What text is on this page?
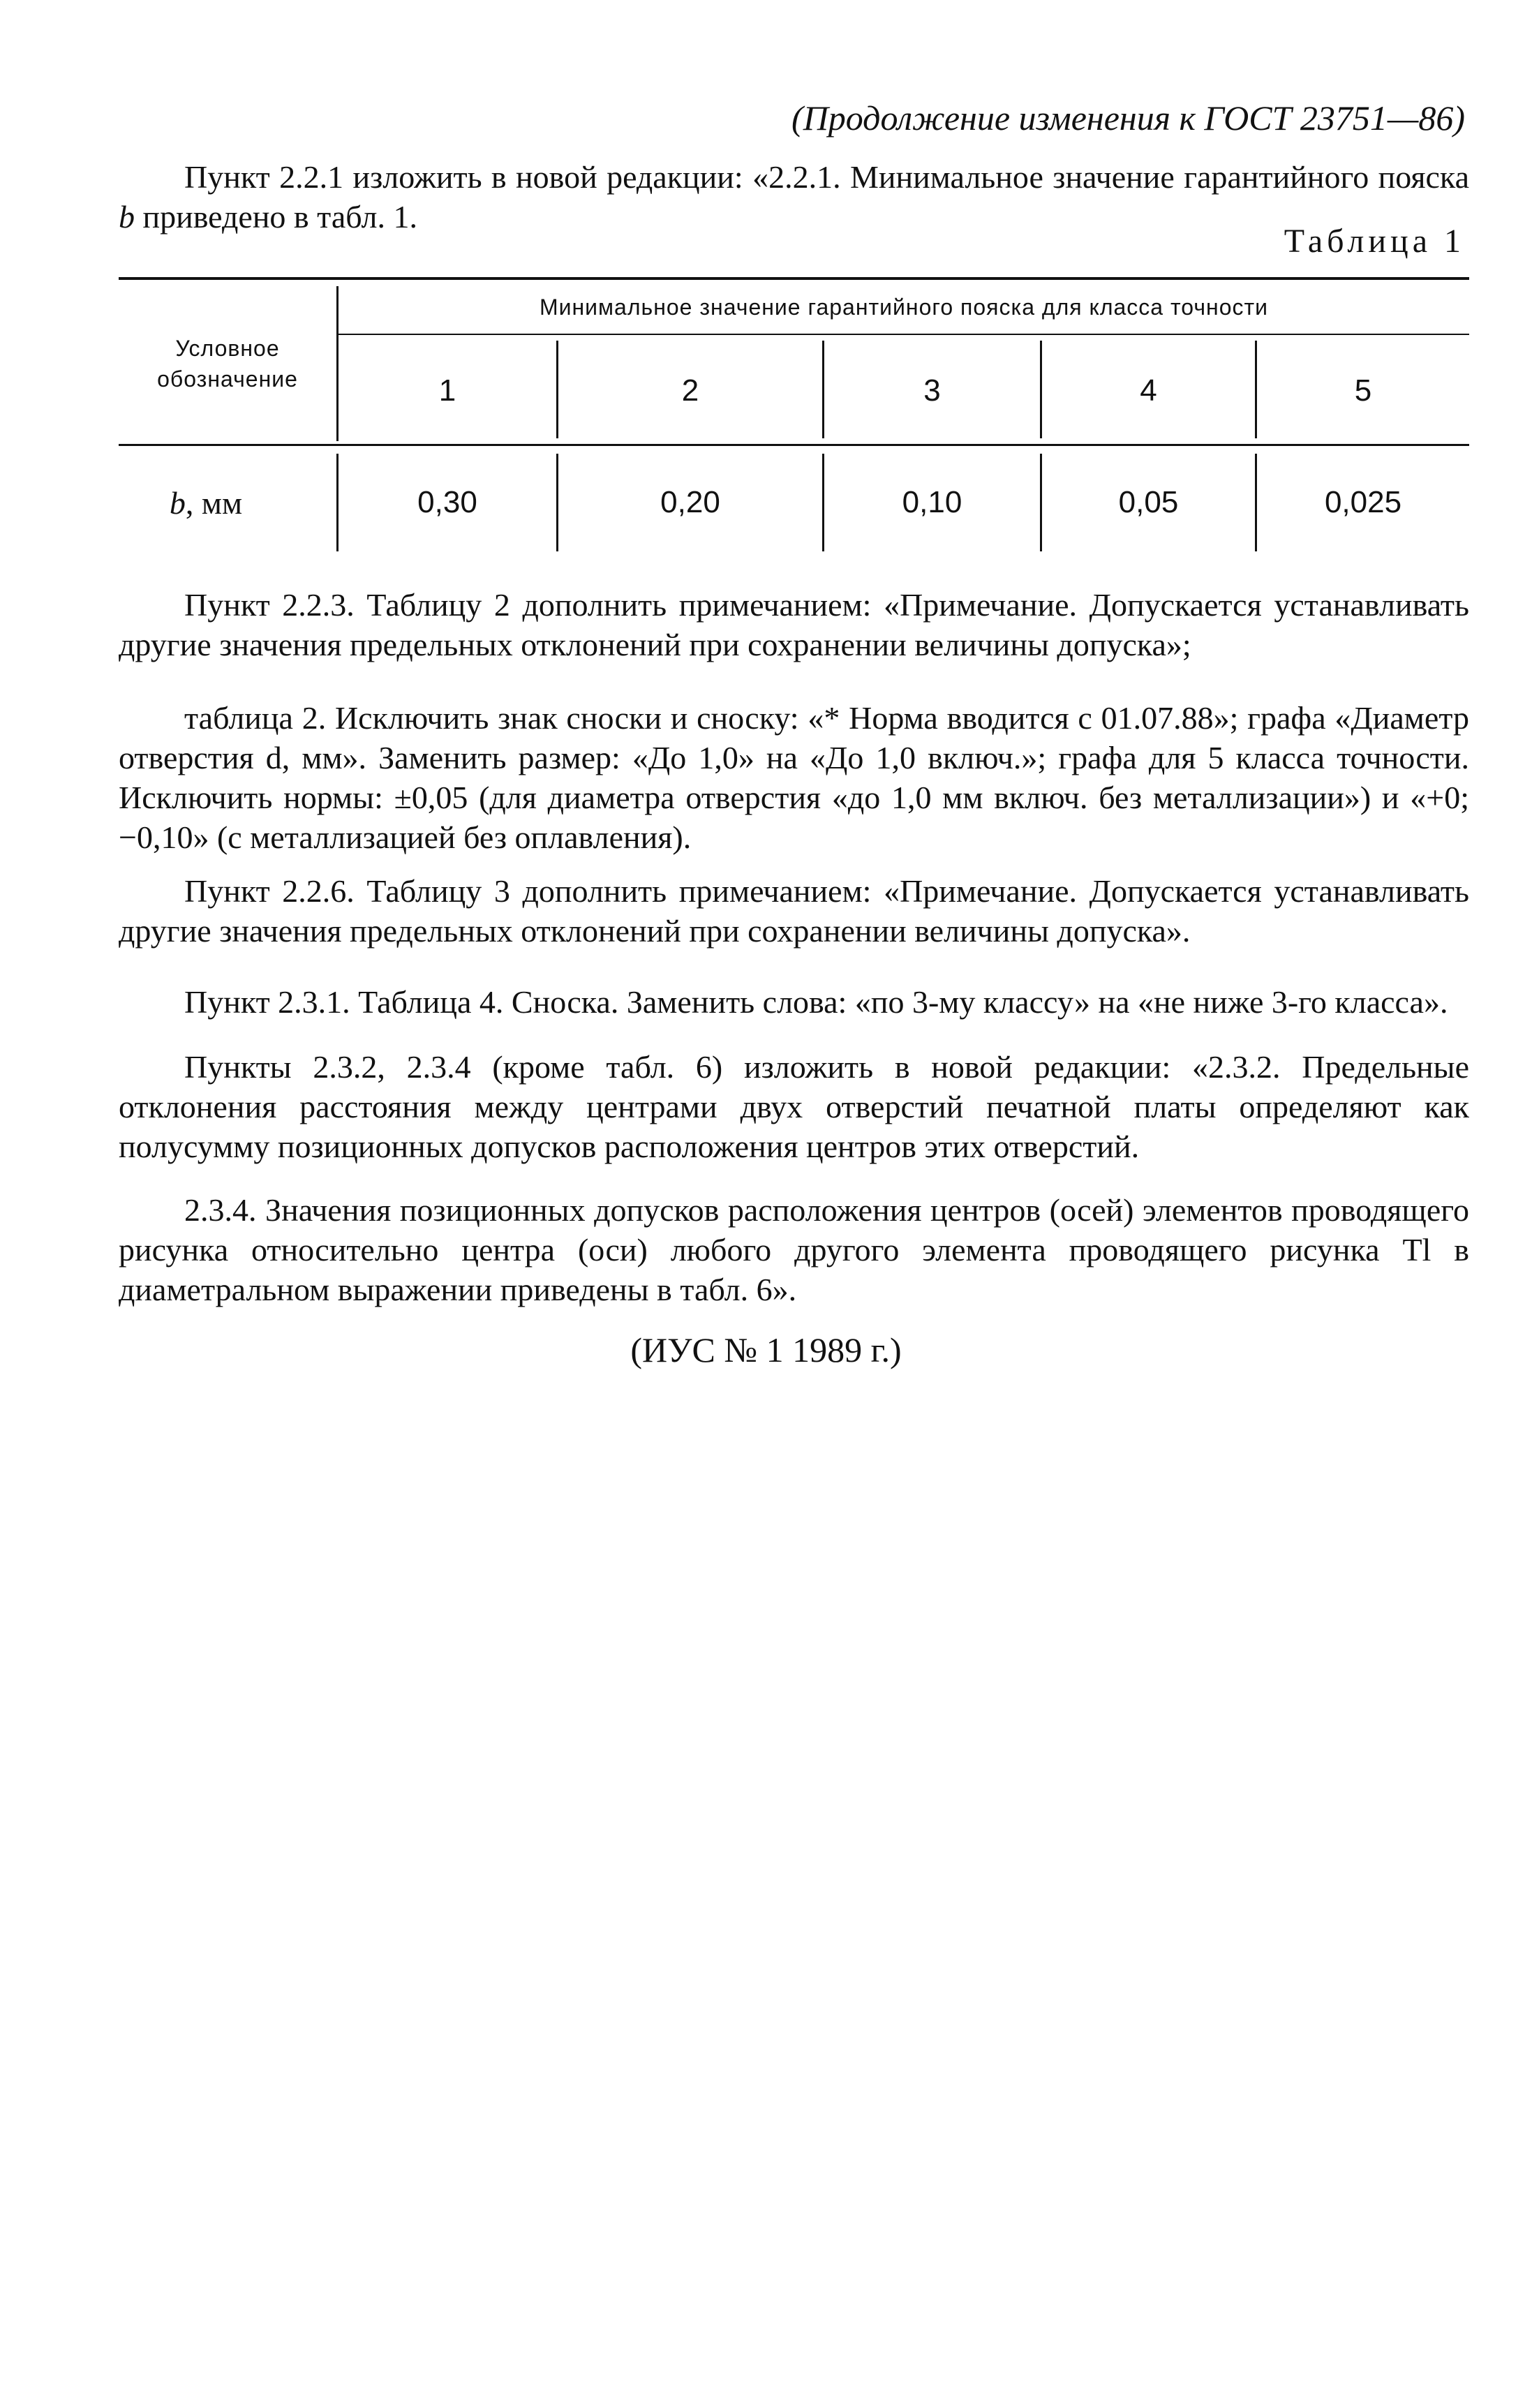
(Продолжение изменения к ГОСТ 23751—86)
Пункт 2.2.1 изложить в новой редакции: «2.2.1. Минимальное значение гарантийного пояска b приведено в табл. 1.
Таблица 1
Условное обозначение
Минимальное значение гарантийного пояска для класса точности
1	2	3	4	5
b , мм	0,30	0,20	0,10	0,05	0,025
Пункт 2.2.3. Таблицу 2 дополнить примечанием: «Примечание. Допускается устанавливать другие значения предельных отклонений при сохранении величины допуска»;
таблица 2. Исключить знак сноски и сноску: «* Норма вводится с 01.07.88»; графа «Диаметр отверстия d, мм». Заменить размер: «До 1,0» на «До 1,0 включ.»; графа для 5 класса точности. Исключить нормы: ±0,05 (для диаметра отверстия «до 1,0 мм включ. без металлизации») и «+0; −0,10» (с металлизацией без оплавления).
Пункт 2.2.6. Таблицу 3 дополнить примечанием: «Примечание. Допускается устанавливать другие значения предельных отклонений при сохранении величины допуска».
Пункт 2.3.1. Таблица 4. Сноска. Заменить слова: «по 3-му классу» на «не ниже 3-го класса».
Пункты 2.3.2, 2.3.4 (кроме табл. 6) изложить в новой редакции: «2.3.2. Предельные отклонения расстояния между центрами двух отверстий печатной платы определяют как полусумму позиционных допусков расположения центров этих отверстий.
2.3.4. Значения позиционных допусков расположения центров (осей) элементов проводящего рисунка относительно центра (оси) любого другого элемента проводящего рисунка Tl в диаметральном выражении приведены в табл. 6».
(ИУС № 1 1989 г.)
